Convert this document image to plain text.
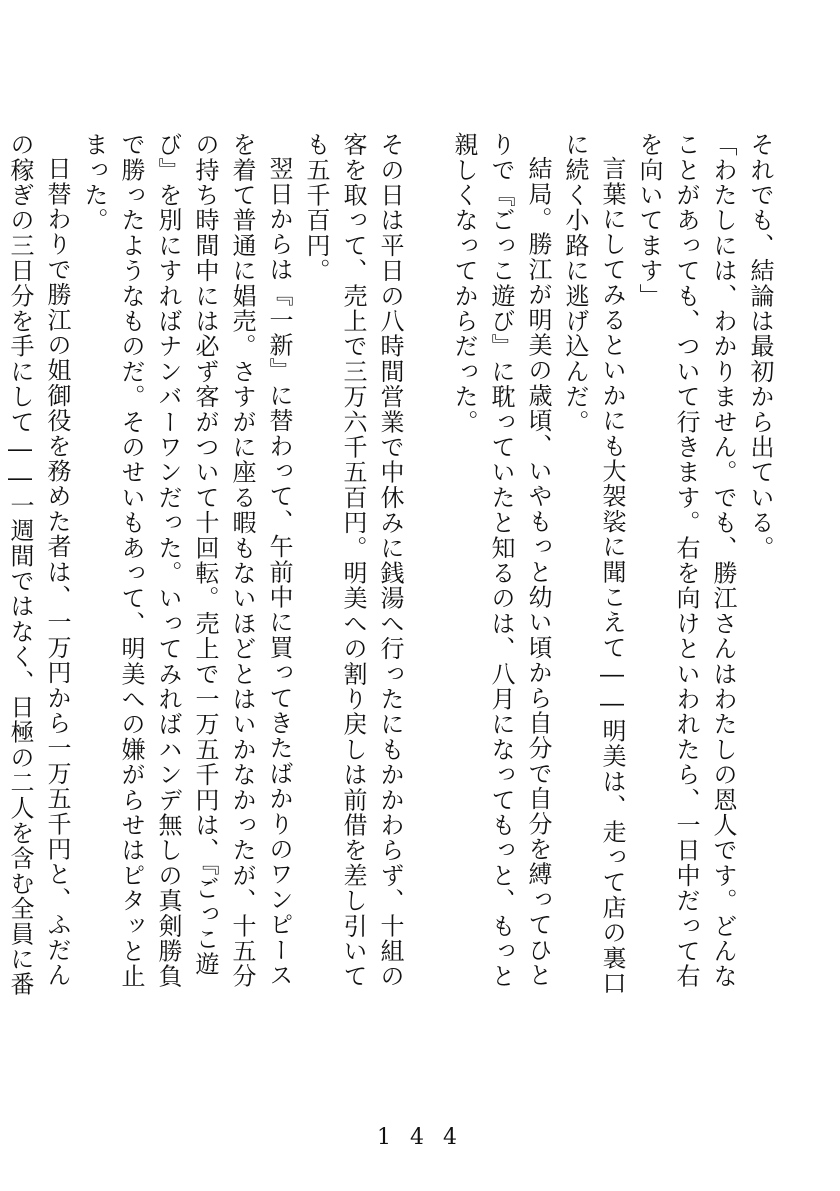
それでも、結論は最初から出ている。

「わたしには、わかりません。でも、勝江さんはわたしの恩人です。どんなことがあっても、ついて行きます。右を向けといわれたら、一日中だって右を向いてます」

言葉にしてみるといかにも大袈裟に聞こえて――明美は、走って店の裏口に続く小路に逃げ込んだ。

結局。勝江が明美の歳頃、いやもっと幼い頃から自分で自分を縛ってひとりで『ごっこ遊び』に耽っていたと知るのは、八月になってもっと、もっと親しくなってからだった。

その日は平日の八時間営業で中休みに銭湯へ行ったにもかかわらず、十組の客を取って、売上で三万六千五百円。明美への割り戻しは前借を差し引いても五千百円。

翌日からは『一新』に替わって、午前中に買ってきたばかりのワンピースを着て普通に娼売。さすがに座る暇もないほどとはいかなかったが、十五分の持ち時間中には必ず客がついて十回転。売上で一万五千円は、『ごっこ遊び』を別にすればナンバーワンだった。いってみればハンデ無しの真剣勝負で勝ったようなものだ。そのせいもあって、明美への嫌がらせはピタッと止まった。

日替わりで勝江の姐御役を務めた者は、一万円から一万五千円と、ふだんの稼ぎの三日分を手にして――一週間ではなく、日極の二人を含む全員に番

1 4 4
